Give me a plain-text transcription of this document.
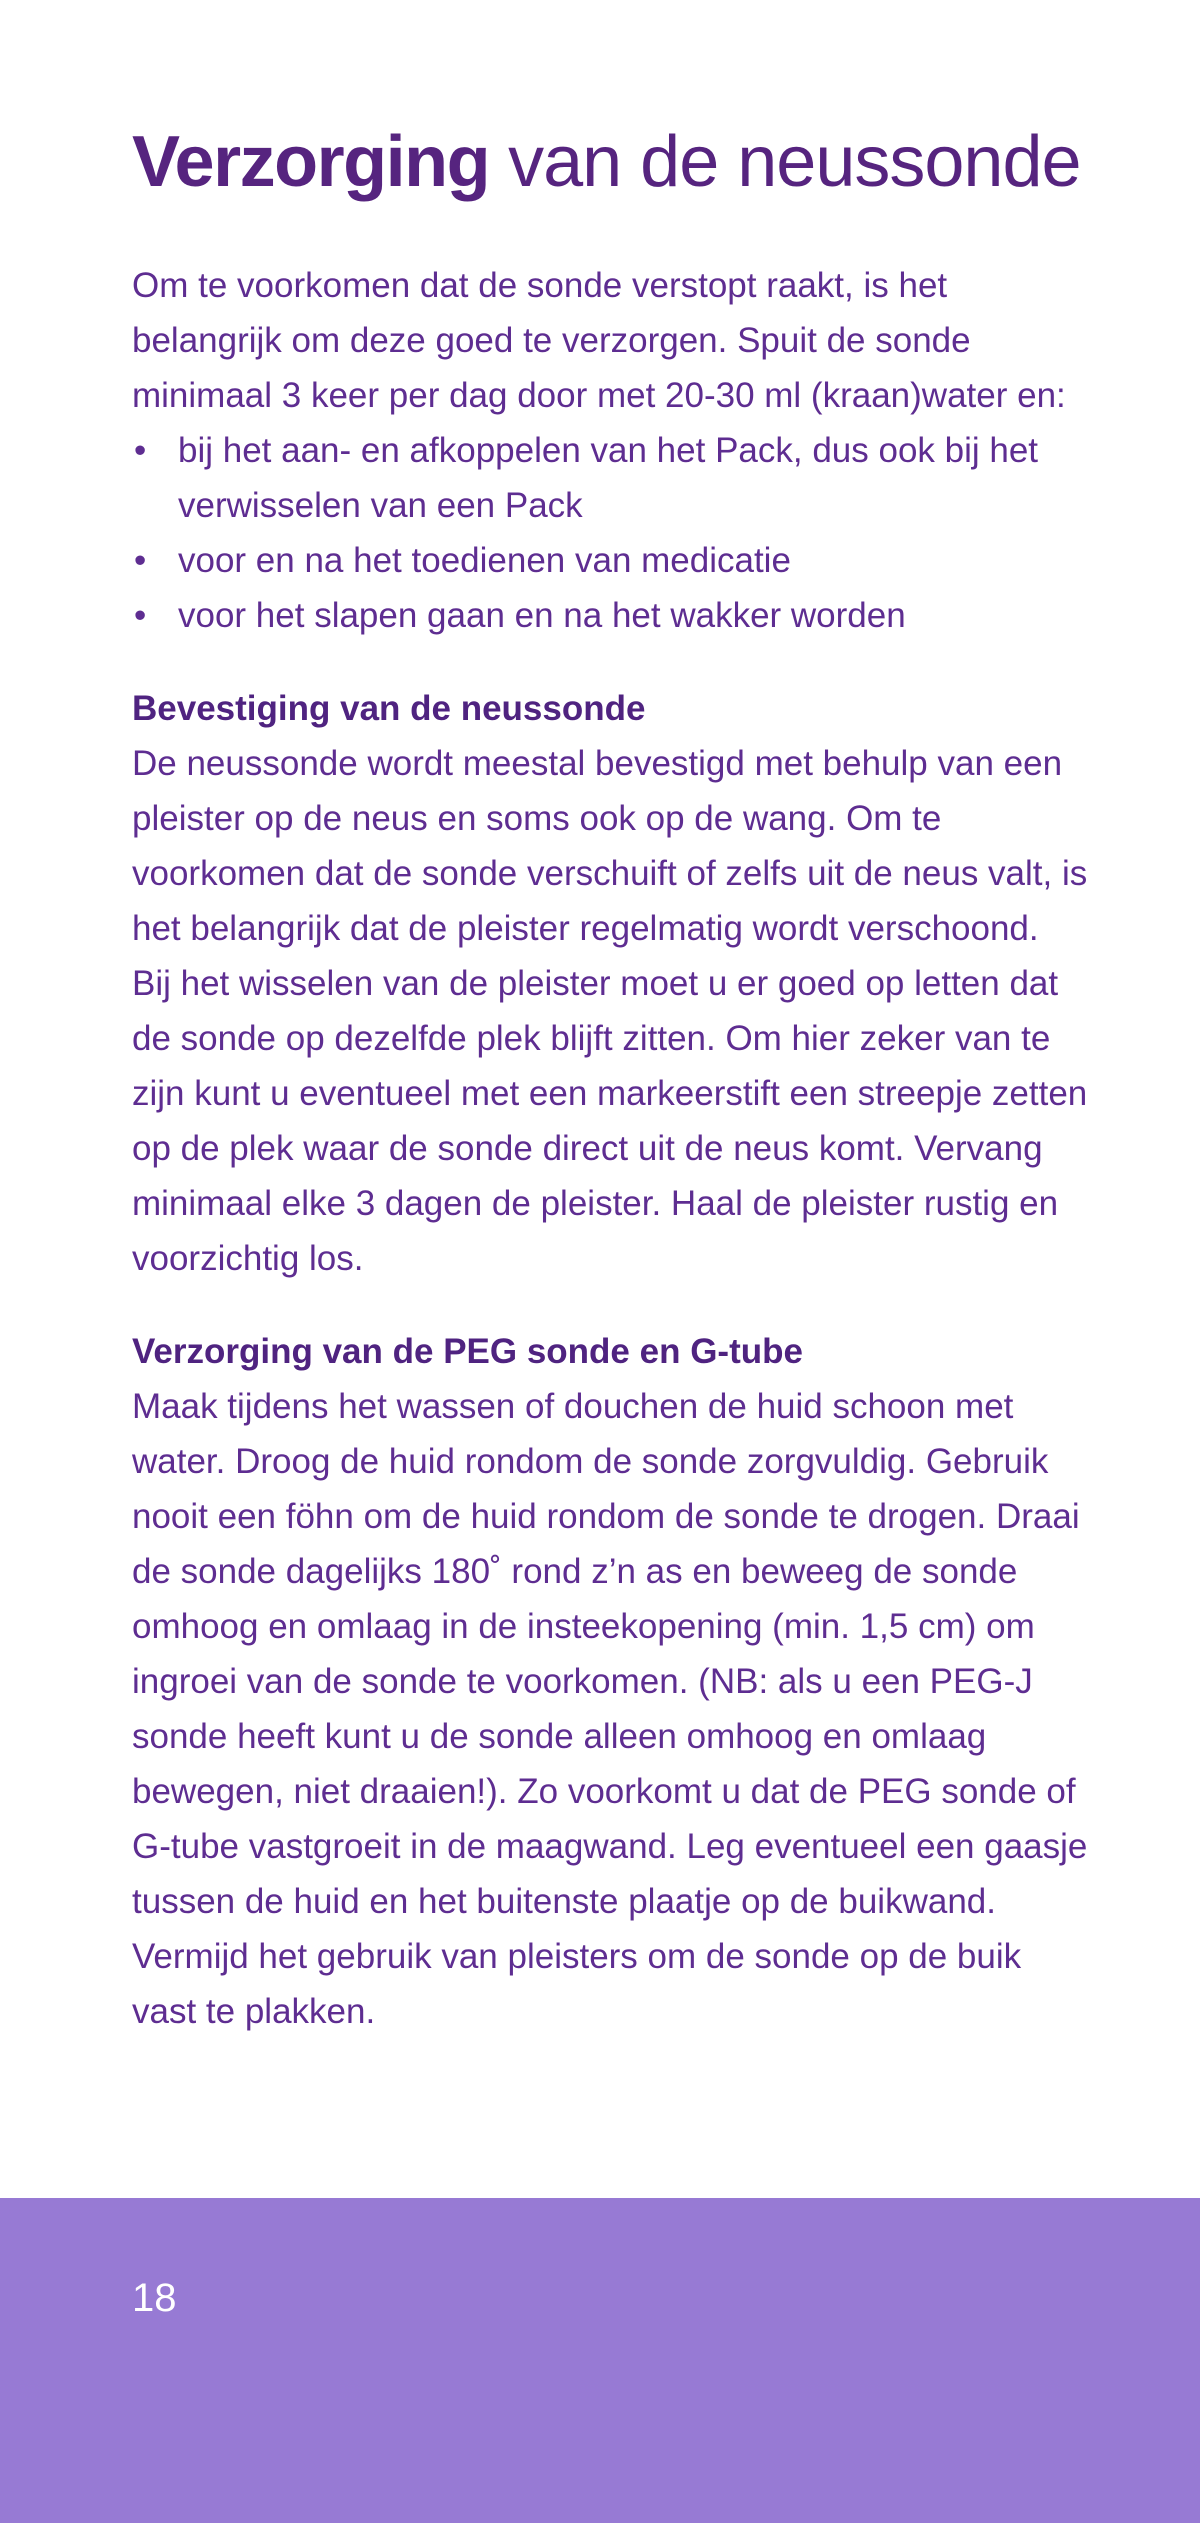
Verzorging van de neussonde

Om te voorkomen dat de sonde verstopt raakt, is het belangrijk om deze goed te verzorgen. Spuit de sonde minimaal 3 keer per dag door met 20-30 ml (kraan)water en:

• bij het aan- en afkoppelen van het Pack, dus ook bij het verwisselen van een Pack
• voor en na het toedienen van medicatie
• voor het slapen gaan en na het wakker worden
Bevestiging van de neussonde

De neussonde wordt meestal bevestigd met behulp van een pleister op de neus en soms ook op de wang. Om te voorkomen dat de sonde verschuift of zelfs uit de neus valt, is het belangrijk dat de pleister regelmatig wordt verschoond.

Bij het wisselen van de pleister moet u er goed op letten dat de sonde op dezelfde plek blijft zitten. Om hier zeker van te zijn kunt u eventueel met een markeerstift een streepje zetten op de plek waar de sonde direct uit de neus komt. Vervang minimaal elke 3 dagen de pleister. Haal de pleister rustig en voorzichtig los.

Verzorging van de PEG sonde en G-tube

Maak tijdens het wassen of douchen de huid schoon met water. Droog de huid rondom de sonde zorgvuldig. Gebruik nooit een föhn om de huid rondom de sonde te drogen. Draai de sonde dagelijks 180˚ rond z’n as en beweeg de sonde omhoog en omlaag in de insteekopening (min. 1,5 cm) om ingroei van de sonde te voorkomen. (NB: als u een PEG-J sonde heeft kunt u de sonde alleen omhoog en omlaag bewegen, niet draaien!). Zo voorkomt u dat de PEG sonde of G-tube vastgroeit in de maagwand. Leg eventueel een gaasje tussen de huid en het buitenste plaatje op de buikwand. Vermijd het gebruik van pleisters om de sonde op de buik vast te plakken.

18
